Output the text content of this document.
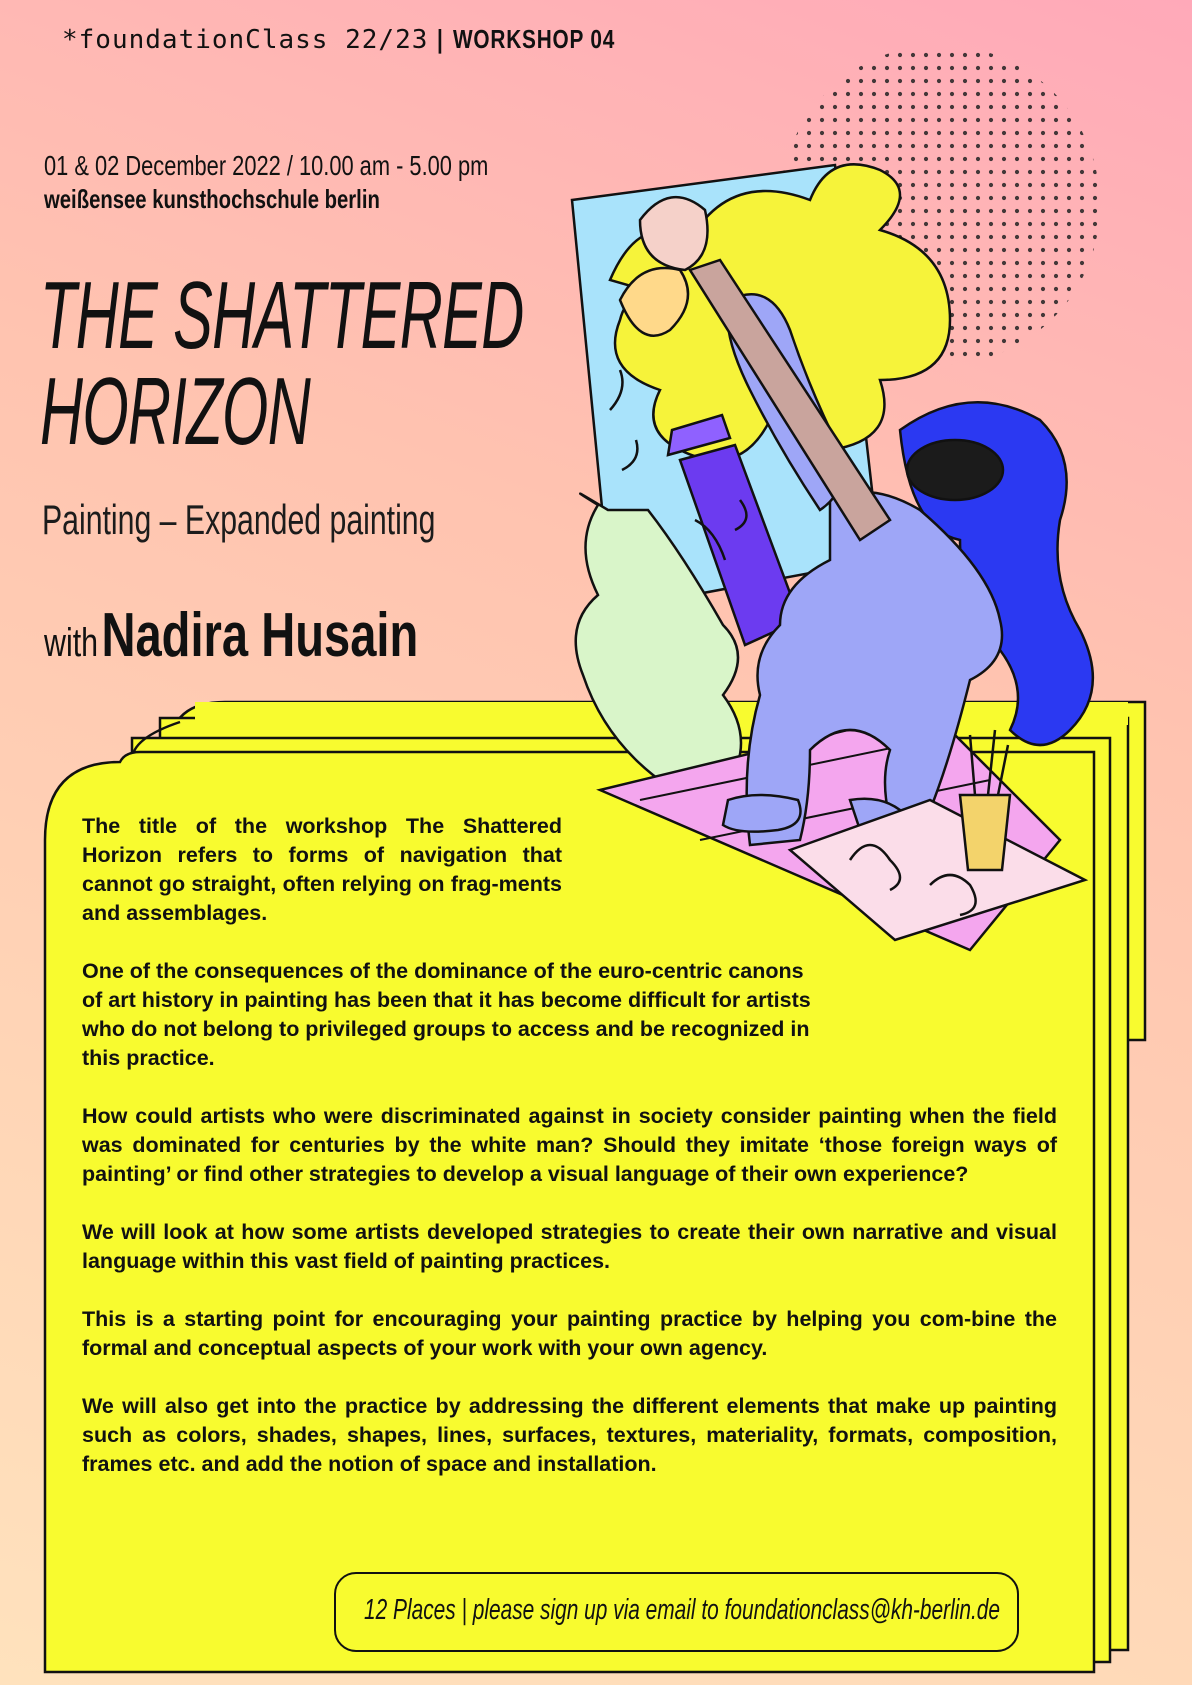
*foundationClass 22/23 | WORKSHOP 04
01 & 02 December 2022 / 10.00 am - 5.00 pm
weißensee kunsthochschule berlin
THE SHATTERED
HORIZON
Painting – Expanded painting
with Nadira Husain

The title of the workshop The Shattered Horizon refers to forms of navigation that cannot go straight, often relying on frag-ments and assemblages.

One of the consequences of the dominance of the euro-centric canons of art history in painting has been that it has become difficult for artists who do not belong to privileged groups to access and be recognized in this practice.

How could artists who were discriminated against in society consider painting when the field was dominated for centuries by the white man? Should they imitate ‘those foreign ways of painting’ or find other strategies to develop a visual language of their own experience?

We will look at how some artists developed strategies to create their own narrative and visual language within this vast field of painting practices.

This is a starting point for encouraging your painting practice by helping you com-bine the formal and conceptual aspects of your work with your own agency.

We will also get into the practice by addressing the different elements that make up painting such as colors, shades, shapes, lines, surfaces, textures, materiality, formats, composition, frames etc. and add the notion of space and installation.

12 Places | please sign up via email to foundationclass@kh-berlin.de
